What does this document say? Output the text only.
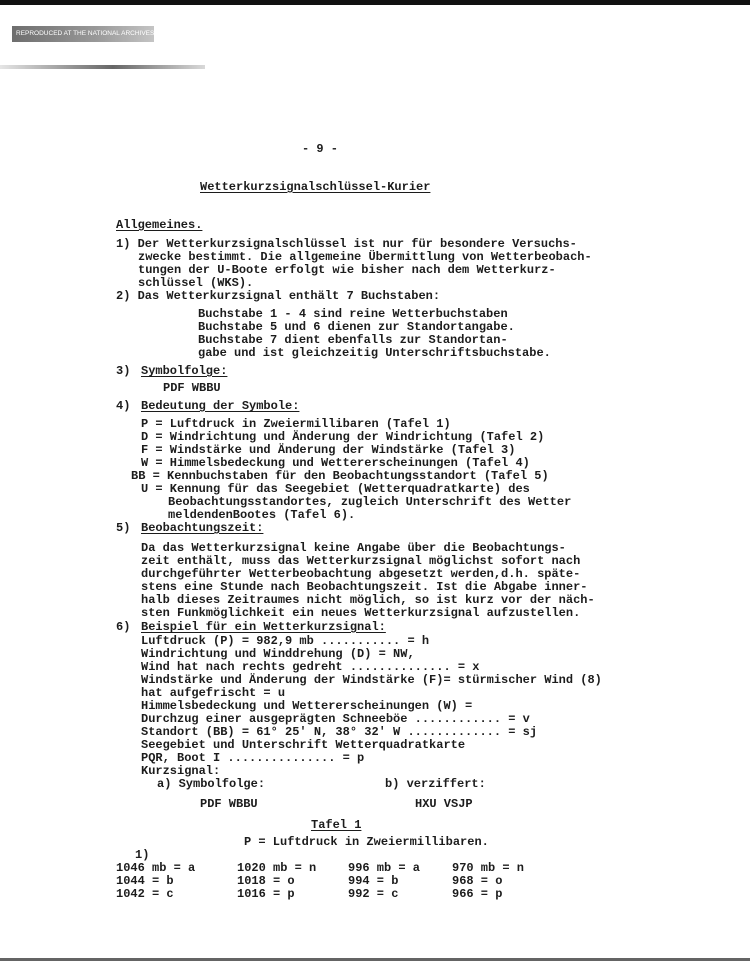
REPRODUCED AT THE NATIONAL ARCHIVES
- 9 -
Wetterkurzsignalschlüssel-Kurier
Allgemeines.
1) Der Wetterkurzsignalschlüssel ist nur für besondere Versuchs-
zwecke bestimmt. Die allgemeine Übermittlung von Wetterbeobach-
tungen der U-Boote erfolgt wie bisher nach dem Wetterkurz-
schlüssel (WKS).
2) Das Wetterkurzsignal enthält 7 Buchstaben:
Buchstabe 1 - 4 sind reine Wetterbuchstaben
Buchstabe 5 und 6 dienen zur Standortangabe.
Buchstabe 7 dient ebenfalls zur Standortan-
gabe und ist gleichzeitig Unterschriftsbuchstabe.
3) Symbolfolge:
PDF WBBU
4) Bedeutung der Symbole:
P = Luftdruck in Zweiermillibaren (Tafel 1)
D = Windrichtung und Änderung der Windrichtung (Tafel 2)
F = Windstärke und Änderung der Windstärke (Tafel 3)
W = Himmelsbedeckung und Wettererscheinungen (Tafel 4)
BB = Kennbuchstaben für den Beobachtungsstandort (Tafel 5)
U = Kennung für das Seegebiet (Wetterquadratkarte) des
Beobachtungsstandortes, zugleich Unterschrift des Wetter
meldendenBootes (Tafel 6).
5) Beobachtungszeit:
Da das Wetterkurzsignal keine Angabe über die Beobachtungs-
zeit enthält, muss das Wetterkurzsignal möglichst sofort nach
durchgeführter Wetterbeobachtung abgesetzt werden,d.h. späte-
stens eine Stunde nach Beobachtungszeit. Ist die Abgabe inner-
halb dieses Zeitraumes nicht möglich, so ist kurz vor der näch-
sten Funkmöglichkeit ein neues Wetterkurzsignal aufzustellen.
6) Beispiel für ein Wetterkurzsignal:
Luftdruck (P) = 982,9 mb ........... = h
Windrichtung und Winddrehung (D) = NW,
Wind hat nach rechts gedreht .............. = x
Windstärke und Änderung der Windstärke (F)= stürmischer Wind (8)
hat aufgefrischt = u
Himmelsbedeckung und Wettererscheinungen (W) =
Durchzug einer ausgeprägten Schneeböe ............ = v
Standort (BB) = 61° 25' N, 38° 32' W ............. = sj
Seegebiet und Unterschrift Wetterquadratkarte
PQR, Boot I ............... = p
Kurzsignal:
a) Symbolfolge:	b) verziffert:
PDF WBBU	HXU VSJP
Tafel 1
P = Luftdruck in Zweiermillibaren.
1)
1046 mb = a
1044 = b
1042 = c
1020 mb = n
1018 = o
1016 = p
996 mb = a
994 = b
992 = c
970 mb = n
968 = o
966 = p
